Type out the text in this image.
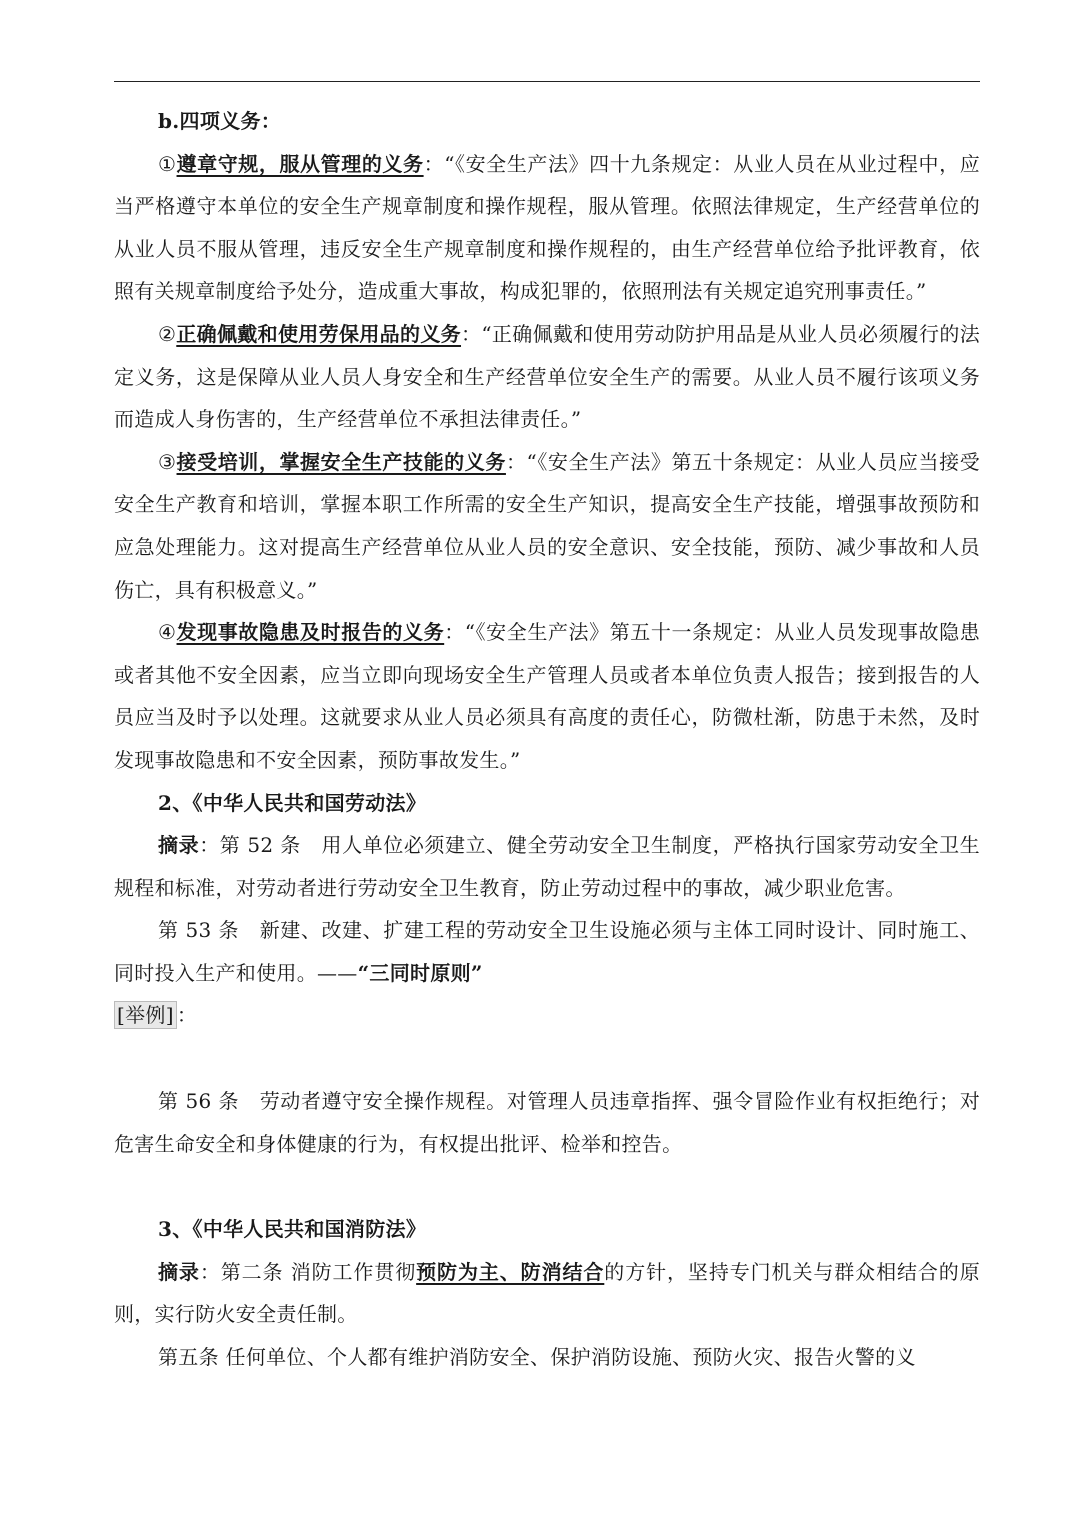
b.四项义务：

①遵章守规，服从管理的义务：“《安全生产法》四十九条规定：从业人员在从业过程中，应当严格遵守本单位的安全生产规章制度和操作规程，服从管理。依照法律规定，生产经营单位的从业人员不服从管理，违反安全生产规章制度和操作规程的，由生产经营单位给予批评教育，依照有关规章制度给予处分，造成重大事故，构成犯罪的，依照刑法有关规定追究刑事责任。”

②正确佩戴和使用劳保用品的义务：“正确佩戴和使用劳动防护用品是从业人员必须履行的法定义务，这是保障从业人员人身安全和生产经营单位安全生产的需要。从业人员不履行该项义务而造成人身伤害的，生产经营单位不承担法律责任。”

③接受培训，掌握安全生产技能的义务：“《安全生产法》第五十条规定：从业人员应当接受安全生产教育和培训，掌握本职工作所需的安全生产知识，提高安全生产技能，增强事故预防和应急处理能力。这对提高生产经营单位从业人员的安全意识、安全技能，预防、减少事故和人员伤亡，具有积极意义。”

④发现事故隐患及时报告的义务：“《安全生产法》第五十一条规定：从业人员发现事故隐患或者其他不安全因素，应当立即向现场安全生产管理人员或者本单位负责人报告；接到报告的人员应当及时予以处理。这就要求从业人员必须具有高度的责任心，防微杜渐，防患于未然，及时发现事故隐患和不安全因素，预防事故发生。”

2、《中华人民共和国劳动法》

摘录：第 52 条　用人单位必须建立、健全劳动安全卫生制度，严格执行国家劳动安全卫生规程和标准，对劳动者进行劳动安全卫生教育，防止劳动过程中的事故，减少职业危害。

第 53 条　新建、改建、扩建工程的劳动安全卫生设施必须与主体工同时设计、同时施工、同时投入生产和使用。——“三同时原则”

[举例] ：

第 56 条　劳动者遵守安全操作规程。对管理人员违章指挥、强令冒险作业有权拒绝行；对危害生命安全和身体健康的行为，有权提出批评、检举和控告。

3、《中华人民共和国消防法》

摘录：第二条 消防工作贯彻预防为主、防消结合的方针，坚持专门机关与群众相结合的原则，实行防火安全责任制。

第五条 任何单位、个人都有维护消防安全、保护消防设施、预防火灾、报告火警的义
